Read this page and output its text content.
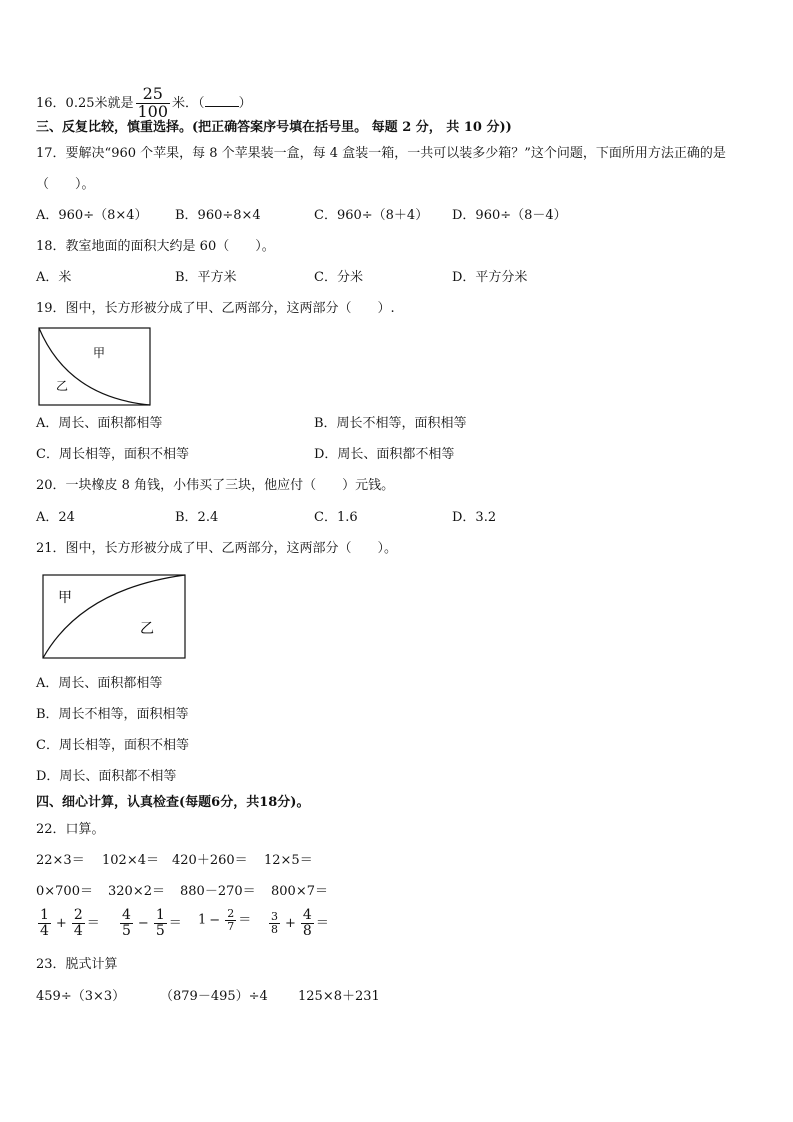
16．0.25米就是 $\frac{25}{100}$ 米．（	）
三、反复比较，慎重选择。(把正确答案序号填在括号里。 每题 2 分， 共 10 分))
17．要解决“960 个苹果，每 8 个苹果装一盒，每 4 盒装一箱，一共可以装多少箱？”这个问题，下面所用方法正确的是
（　　）。
A．960÷（8×4） B．960÷8×4	C．960÷（8＋4） D．960÷（8－4）
18．教室地面的面积大约是 60（　　）。
A．米	B．平方米	C．分米	D．平方分米
19．图中，长方形被分成了甲、乙两部分，这两部分（　　）.
甲
乙
A．周长、面积都相等	B．周长不相等，面积相等
C．周长相等，面积不相等	D．周长、面积都不相等
20．一块橡皮 8 角钱，小伟买了三块，他应付（　　）元钱。
A．24	B．2.4	C．1.6	D．3.2
21．图中，长方形被分成了甲、乙两部分，这两部分（　　）。
甲
乙
A．周长、面积都相等
B．周长不相等，面积相等
C．周长相等，面积不相等
D．周长、面积都不相等
四、细心计算，认真检查(每题6分，共18分)。
22．口算。
22×3＝ 102×4＝ 420＋260＝ 12×5＝
0×700＝ 320×2＝ 880－270＝ 800×7＝
$\frac{1}{4} + \frac{2}{4} = \frac{4}{5} - \frac{1}{5} = 1 - \frac{2}{7} = \frac{3}{8} + \frac{4}{8}$ ＝
23．脱式计算
459÷（3×3）	（879－495）÷4 125×8＋231
